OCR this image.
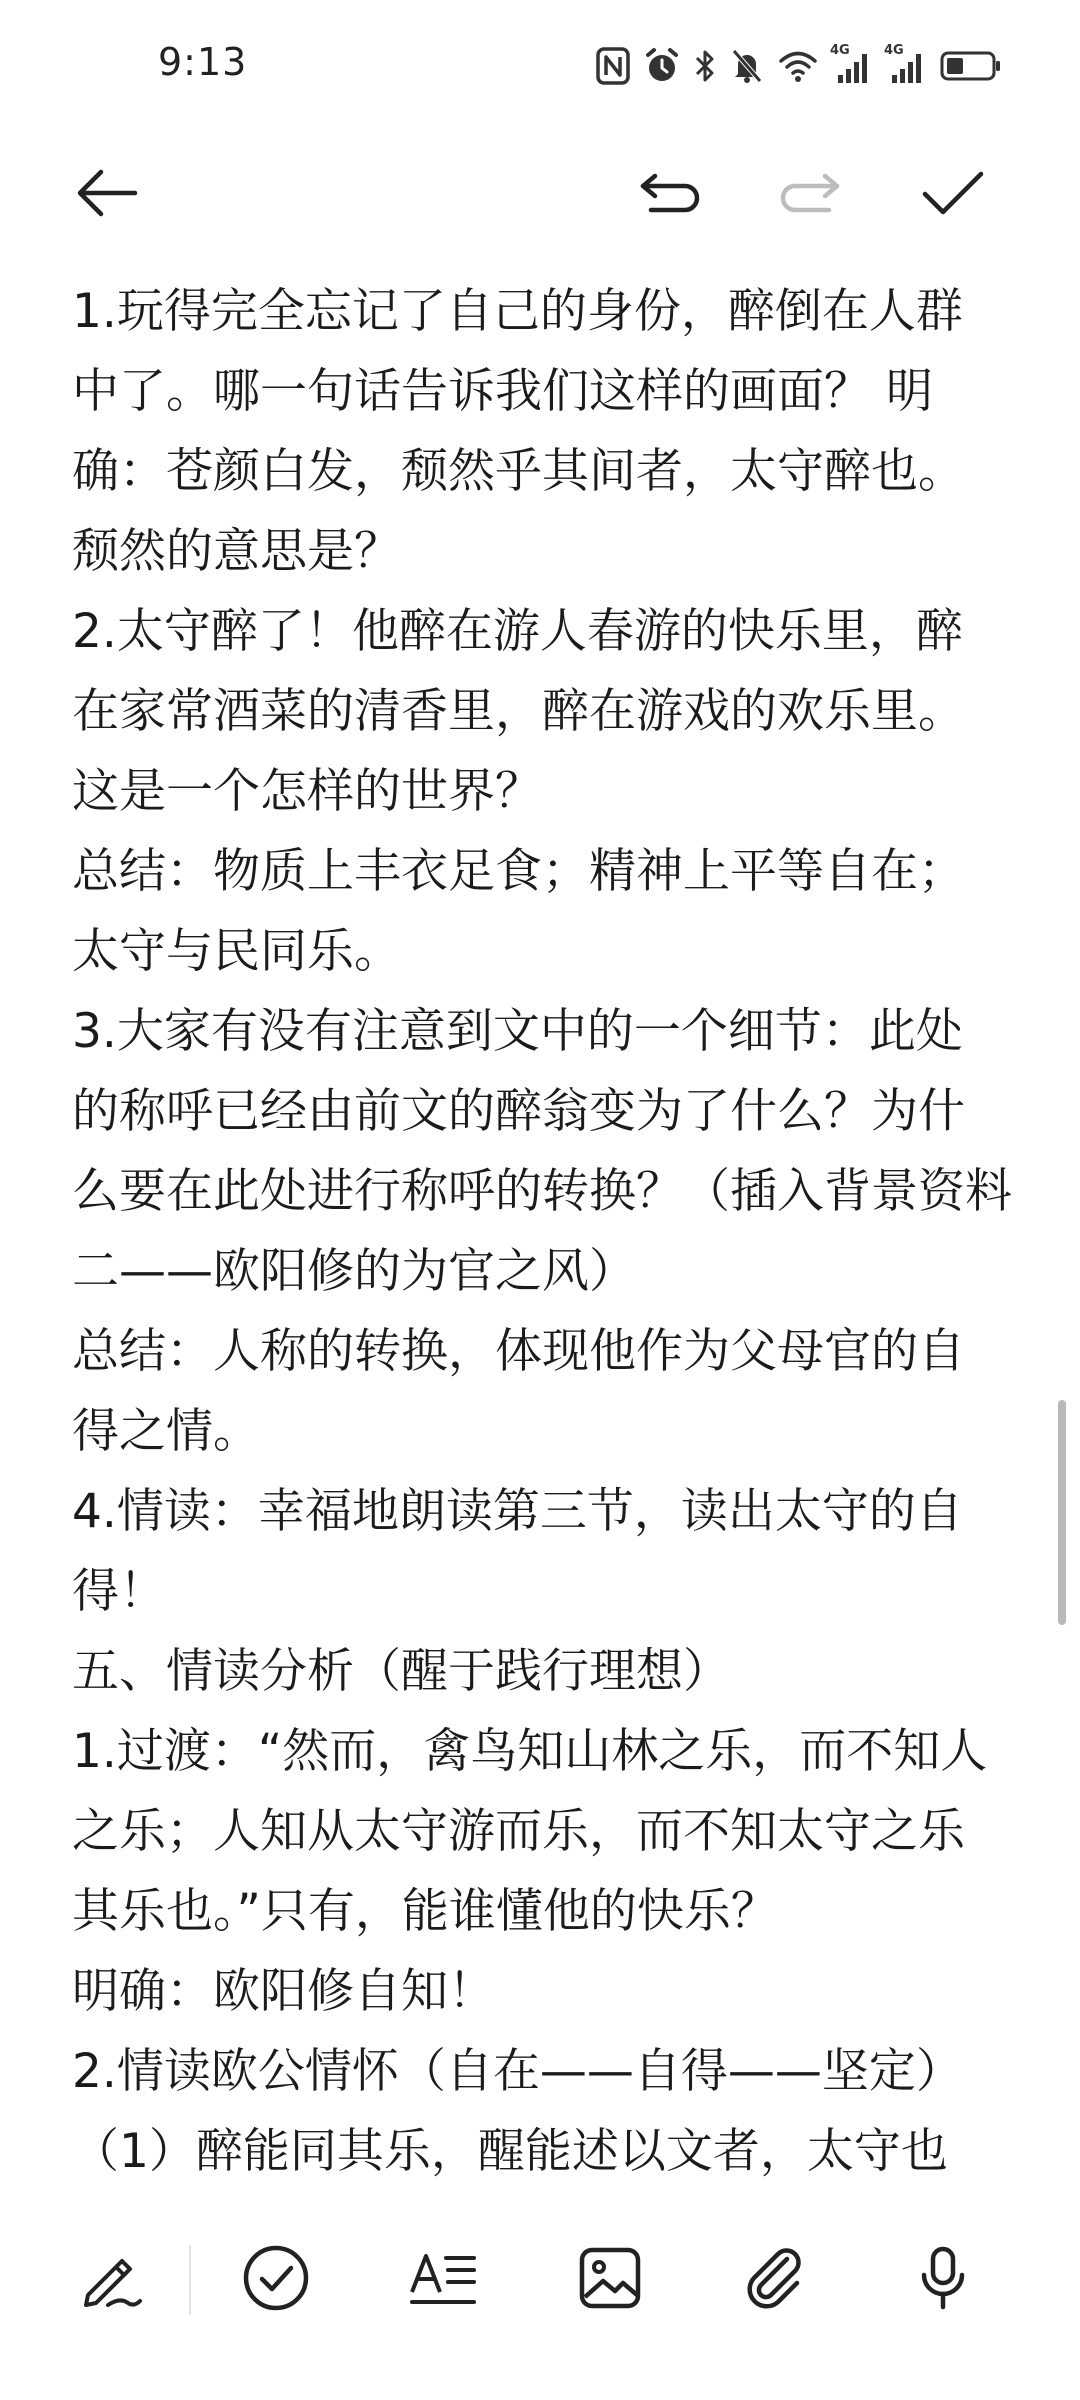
9:13	4G	4G
1.玩得完全忘记了自己的身份，醉倒在人群
中了。哪一句话告诉我们这样的画面？ 明
确：苍颜白发，颓然乎其间者，太守醉也。
颓然的意思是？
2.太守醉了！他醉在游人春游的快乐里，醉
在家常酒菜的清香里，醉在游戏的欢乐里。
这是一个怎样的世界？
总结：物质上丰衣足食；精神上平等自在；
太守与民同乐。
3.大家有没有注意到文中的一个细节：此处
的称呼已经由前文的醉翁变为了什么？为什
么要在此处进行称呼的转换？（插入背景资料
二——欧阳修的为官之风）
总结：人称的转换，体现他作为父母官的自
得之情。
4.情读：幸福地朗读第三节，读出太守的自
得！
五、情读分析（醒于践行理想）
1.过渡：“然而，禽鸟知山林之乐，而不知人
之乐；人知从太守游而乐，而不知太守之乐
其乐也。”只有，能谁懂他的快乐？
明确：欧阳修自知！
2.情读欧公情怀（自在——自得——坚定）
（1）醉能同其乐，醒能述以文者，太守也
